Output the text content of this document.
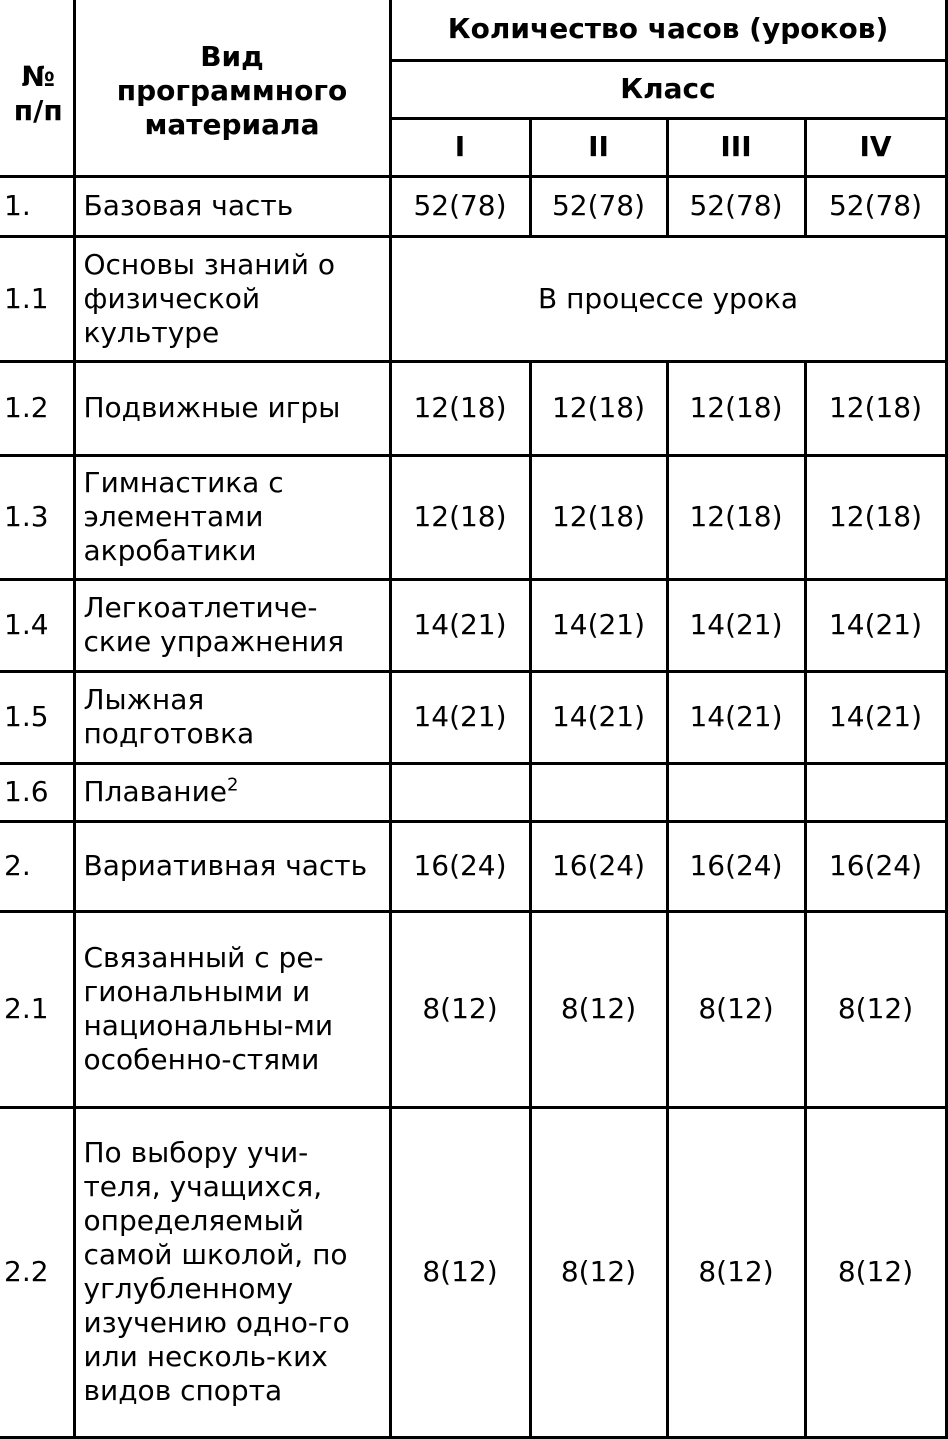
№ п/п	Вид программного материала	Количество часов (уроков)			
		Класс			
		I	II	III	IV
1.	Базовая часть	52(78)	52(78)	52(78)	52(78)
1.1	Основы знаний о физической культуре	В процессе урока			
1.2	Подвижные игры	12(18)	12(18)	12(18)	12(18)
1.3	Гимнастика с элементами акробатики	12(18)	12(18)	12(18)	12(18)
1.4	Легкоатлетиче-ские упражнения	14(21)	14(21)	14(21)	14(21)
1.5	Лыжная подготовка	14(21)	14(21)	14(21)	14(21)
1.6	Плавание$^2$				
2.	Вариативная часть	16(24)	16(24)	16(24)	16(24)
2.1	Связанный с ре-гиональными и национальны-ми особенно-стями	8(12)	8(12)	8(12)	8(12)
2.2	По выбору учи-теля, учащихся, определяемый самой школой, по углубленному изучению одно-го или несколь-ких видов спорта	8(12)	8(12)	8(12)	8(12)
